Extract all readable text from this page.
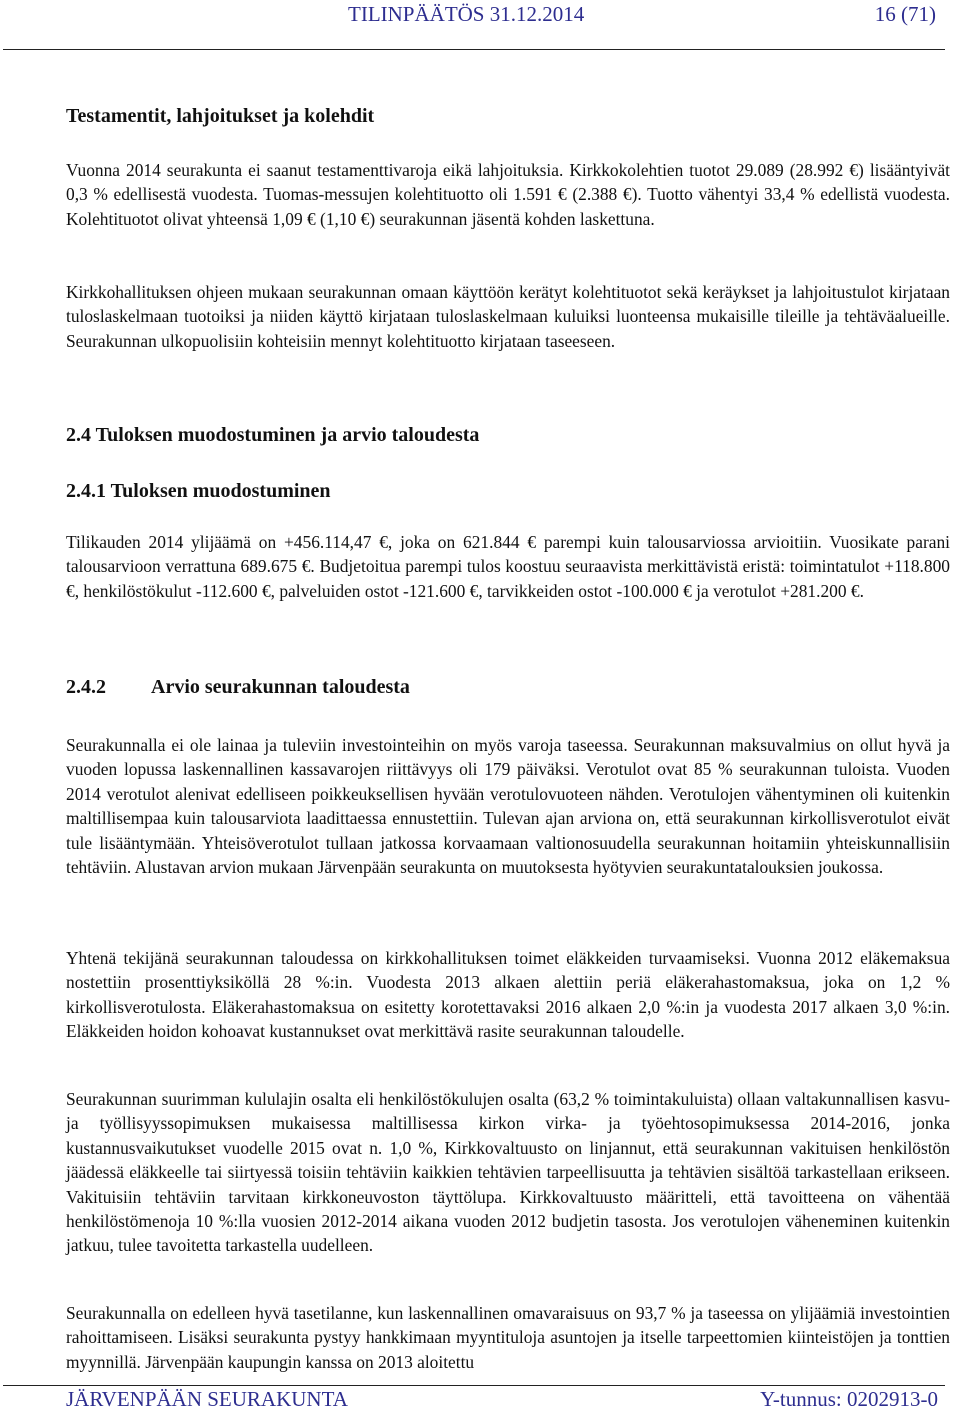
TILINPÄÄTÖS 31.12.2014	16 (71)
Testamentit, lahjoitukset ja kolehdit

Vuonna 2014 seurakunta ei saanut testamenttivaroja eikä lahjoituksia. Kirkkokolehtien tuotot 29.089 (28.992 €) lisääntyivät 0,3 % edellisestä vuodesta. Tuomas-messujen kolehtituotto oli 1.591 € (2.388 €). Tuotto vähentyi 33,4 % edellistä vuodesta. Kolehtituotot olivat yhteensä 1,09 € (1,10 €) seurakunnan jäsentä kohden laskettuna.

Kirkkohallituksen ohjeen mukaan seurakunnan omaan käyttöön kerätyt kolehtituotot sekä keräykset ja lahjoitustulot kirjataan tuloslaskelmaan tuotoiksi ja niiden käyttö kirjataan tuloslaskelmaan kuluiksi luonteensa mukaisille tileille ja tehtäväalueille. Seurakunnan ulkopuolisiin kohteisiin mennyt kolehtituotto kirjataan taseeseen.

2.4 Tuloksen muodostuminen ja arvio taloudesta
2.4.1 Tuloksen muodostuminen

Tilikauden 2014 ylijäämä on +456.114,47 €, joka on 621.844 € parempi kuin talousarviossa arvioitiin. Vuosikate parani talousarvioon verrattuna 689.675 €. Budjetoitua parempi tulos koostuu seuraavista merkittävistä eristä: toimintatulot +118.800 €, henkilöstökulut -112.600 €, palveluiden ostot -121.600 €, tarvikkeiden ostot -100.000 € ja verotulot +281.200 €.

2.4.2 Arvio seurakunnan taloudesta

Seurakunnalla ei ole lainaa ja tuleviin investointeihin on myös varoja taseessa. Seurakunnan maksuvalmius on ollut hyvä ja vuoden lopussa laskennallinen kassavarojen riittävyys oli 179 päiväksi. Verotulot ovat 85 % seurakunnan tuloista. Vuoden 2014 verotulot alenivat edelliseen poikkeuksellisen hyvään verotulovuoteen nähden. Verotulojen vähentyminen oli kuitenkin maltillisempaa kuin talousarviota laadittaessa ennustettiin. Tulevan ajan arviona on, että seurakunnan kirkollisverotulot eivät tule lisääntymään. Yhteisöverotulot tullaan jatkossa korvaamaan valtionosuudella seurakunnan hoitamiin yhteiskunnallisiin tehtäviin. Alustavan arvion mukaan Järvenpään seurakunta on muutoksesta hyötyvien seurakuntatalouksien joukossa.

Yhtenä tekijänä seurakunnan taloudessa on kirkkohallituksen toimet eläkkeiden turvaamiseksi. Vuonna 2012 eläkemaksua nostettiin prosenttiyksiköllä 28 %:in. Vuodesta 2013 alkaen alettiin periä eläkerahastomaksua, joka on 1,2 % kirkollisverotulosta. Eläkerahastomaksua on esitetty korotettavaksi 2016 alkaen 2,0 %:in ja vuodesta 2017 alkaen 3,0 %:in. Eläkkeiden hoidon kohoavat kustannukset ovat merkittävä rasite seurakunnan taloudelle.

Seurakunnan suurimman kululajin osalta eli henkilöstökulujen osalta (63,2 % toimintakuluista) ollaan valtakunnallisen kasvu- ja työllisyyssopimuksen mukaisessa maltillisessa kirkon virka- ja työehtosopimuksessa 2014-2016, jonka kustannusvaikutukset vuodelle 2015 ovat n. 1,0 %, Kirkkovaltuusto on linjannut, että seurakunnan vakituisen henkilöstön jäädessä eläkkeelle tai siirtyessä toisiin tehtäviin kaikkien tehtävien tarpeellisuutta ja tehtävien sisältöä tarkastellaan erikseen. Vakituisiin tehtäviin tarvitaan kirkkoneuvoston täyttölupa. Kirkkovaltuusto määritteli, että tavoitteena on vähentää henkilöstömenoja 10 %:lla vuosien 2012-2014 aikana vuoden 2012 budjetin tasosta. Jos verotulojen väheneminen kuitenkin jatkuu, tulee tavoitetta tarkastella uudelleen.

Seurakunnalla on edelleen hyvä tasetilanne, kun laskennallinen omavaraisuus on 93,7 % ja taseessa on ylijäämiä investointien rahoittamiseen. Lisäksi seurakunta pystyy hankkimaan myyntituloja asuntojen ja itselle tarpeettomien kiinteistöjen ja tonttien myynnillä. Järvenpään kaupungin kanssa on 2013 aloitettu

JÄRVENPÄÄN SEURAKUNTA	Y-tunnus: 0202913-0
